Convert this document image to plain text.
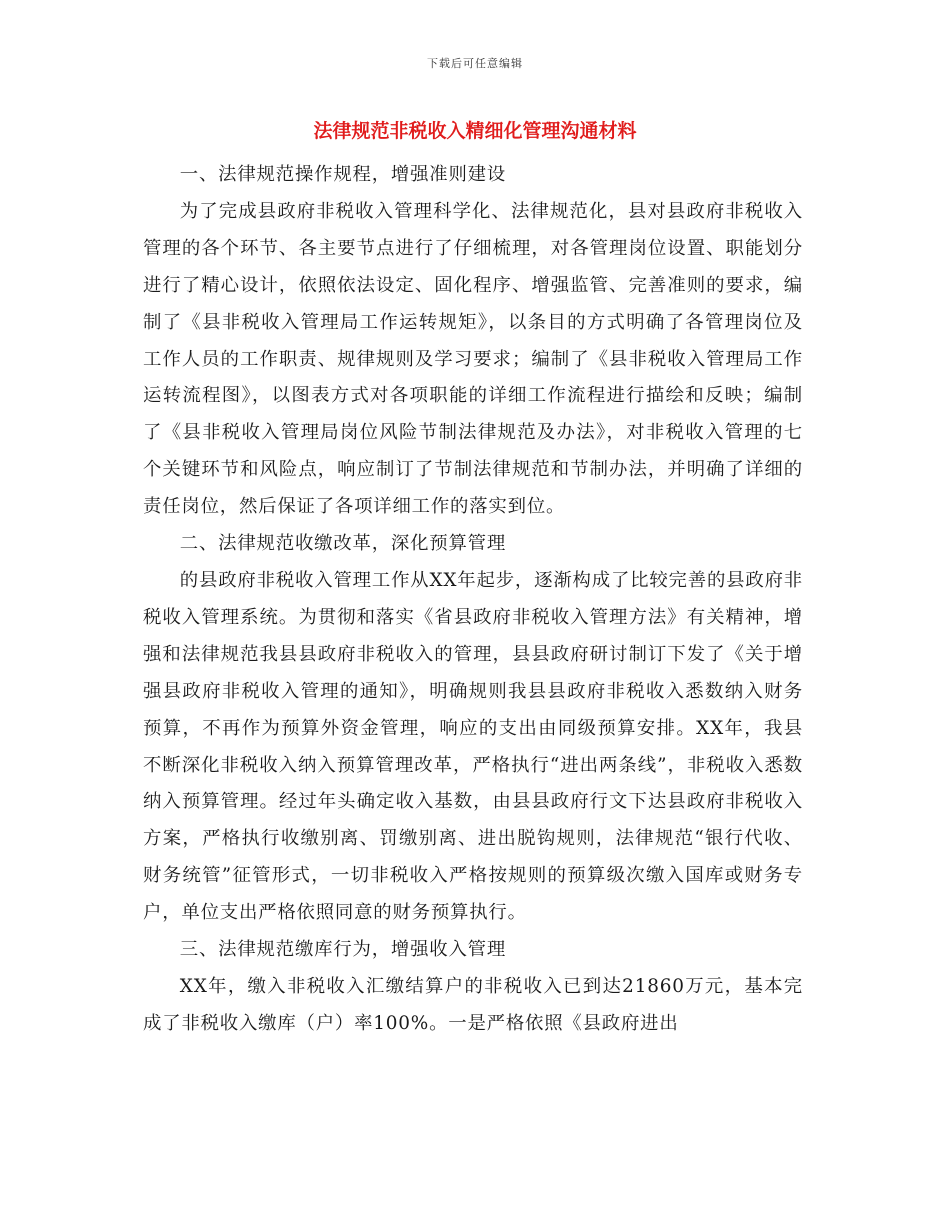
下载后可任意编辑
法律规范非税收入精细化管理沟通材料

一、法律规范操作规程，增强准则建设

为了完成县政府非税收入管理科学化、法律规范化，县对县政府非税收入管理的各个环节、各主要节点进行了仔细梳理，对各管理岗位设置、职能划分进行了精心设计，依照依法设定、固化程序、增强监管、完善准则的要求，编制了《县非税收入管理局工作运转规矩》，以条目的方式明确了各管理岗位及工作人员的工作职责、规律规则及学习要求；编制了《县非税收入管理局工作运转流程图》，以图表方式对各项职能的详细工作流程进行描绘和反映；编制了《县非税收入管理局岗位风险节制法律规范及办法》，对非税收入管理的七个关键环节和风险点，响应制订了节制法律规范和节制办法，并明确了详细的责任岗位，然后保证了各项详细工作的落实到位。

二、法律规范收缴改革，深化预算管理

的县政府非税收入管理工作从XX年起步，逐渐构成了比较完善的县政府非税收入管理系统。为贯彻和落实《省县政府非税收入管理方法》有关精神，增强和法律规范我县县政府非税收入的管理，县县政府研讨制订下发了《关于增强县政府非税收入管理的通知》，明确规则我县县政府非税收入悉数纳入财务预算，不再作为预算外资金管理，响应的支出由同级预算安排。XX年，我县不断深化非税收入纳入预算管理改革，严格执行“进出两条线”，非税收入悉数纳入预算管理。经过年头确定收入基数，由县县政府行文下达县政府非税收入方案，严格执行收缴别离、罚缴别离、进出脱钩规则，法律规范“银行代收、财务统管”征管形式，一切非税收入严格按规则的预算级次缴入国库或财务专户，单位支出严格依照同意的财务预算执行。

三、法律规范缴库行为，增强收入管理

XX年，缴入非税收入汇缴结算户的非税收入已到达21860万元，基本完成了非税收入缴库（户）率100%。一是严格依照《县政府进出
